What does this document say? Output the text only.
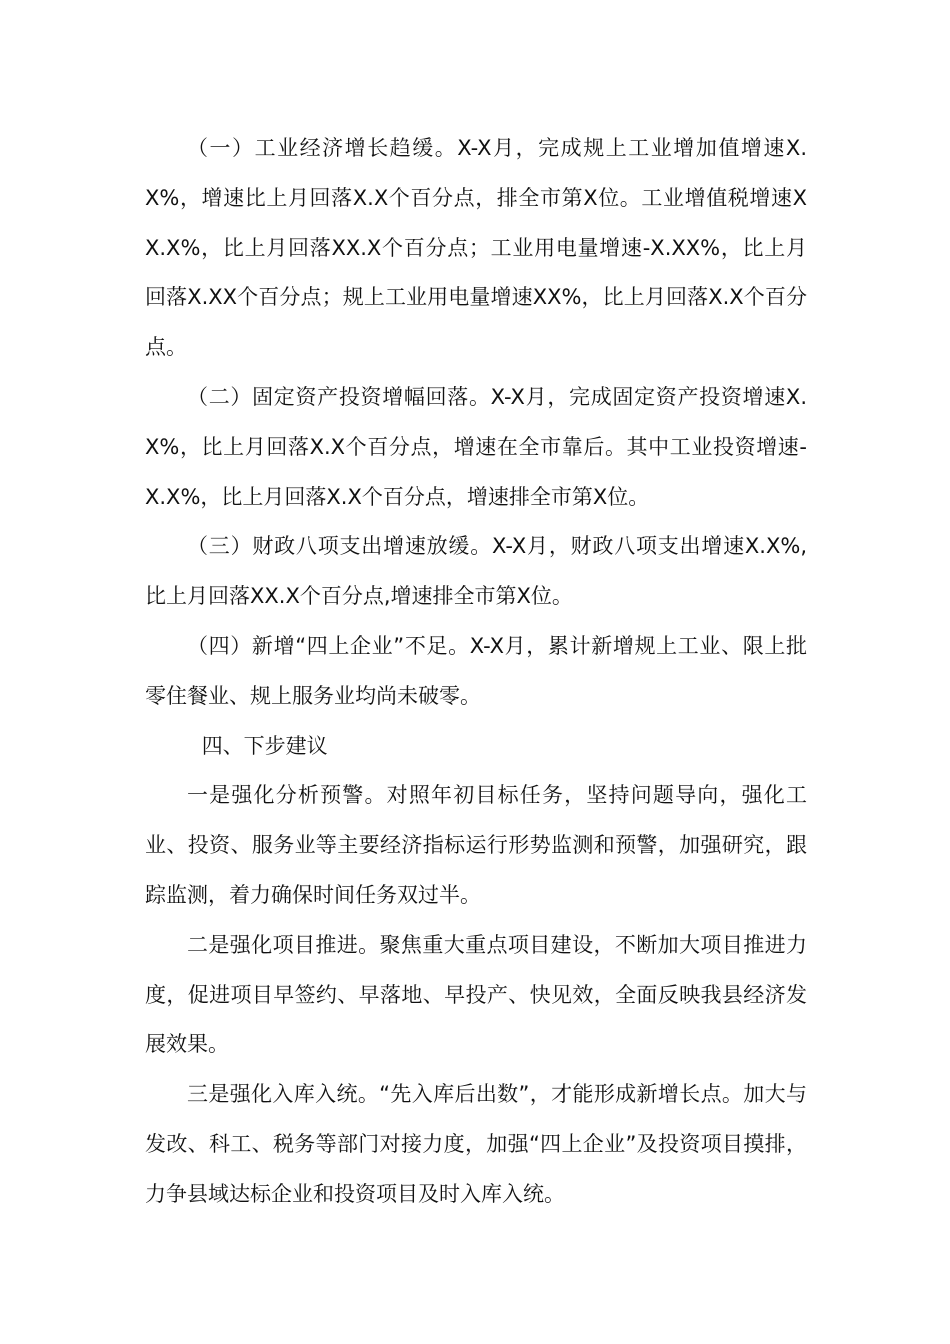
（一）工业经济增长趋缓。X-X月，完成规上工业增加值增速X.X%，增速比上月回落X.X个百分点，排全市第X位。工业增值税增速XX.X%，比上月回落XX.X个百分点；工业用电量增速-X.XX%，比上月回落X.XX个百分点；规上工业用电量增速XX%，比上月回落X.X个百分点。

（二）固定资产投资增幅回落。X-X月，完成固定资产投资增速X.X%，比上月回落X.X个百分点，增速在全市靠后。其中工业投资增速-X.X%，比上月回落X.X个百分点，增速排全市第X位。

（三）财政八项支出增速放缓。X-X月，财政八项支出增速X.X%,比上月回落XX.X个百分点,增速排全市第X位。

（四）新增“四上企业”不足。X-X月，累计新增规上工业、限上批零住餐业、规上服务业均尚未破零。

四、下步建议

一是强化分析预警。对照年初目标任务，坚持问题导向，强化工业、投资、服务业等主要经济指标运行形势监测和预警，加强研究，跟踪监测，着力确保时间任务双过半。

二是强化项目推进。聚焦重大重点项目建设，不断加大项目推进力度，促进项目早签约、早落地、早投产、快见效，全面反映我县经济发展效果。

三是强化入库入统。“先入库后出数”，才能形成新增长点。加大与发改、科工、税务等部门对接力度，加强“四上企业”及投资项目摸排，力争县域达标企业和投资项目及时入库入统。
